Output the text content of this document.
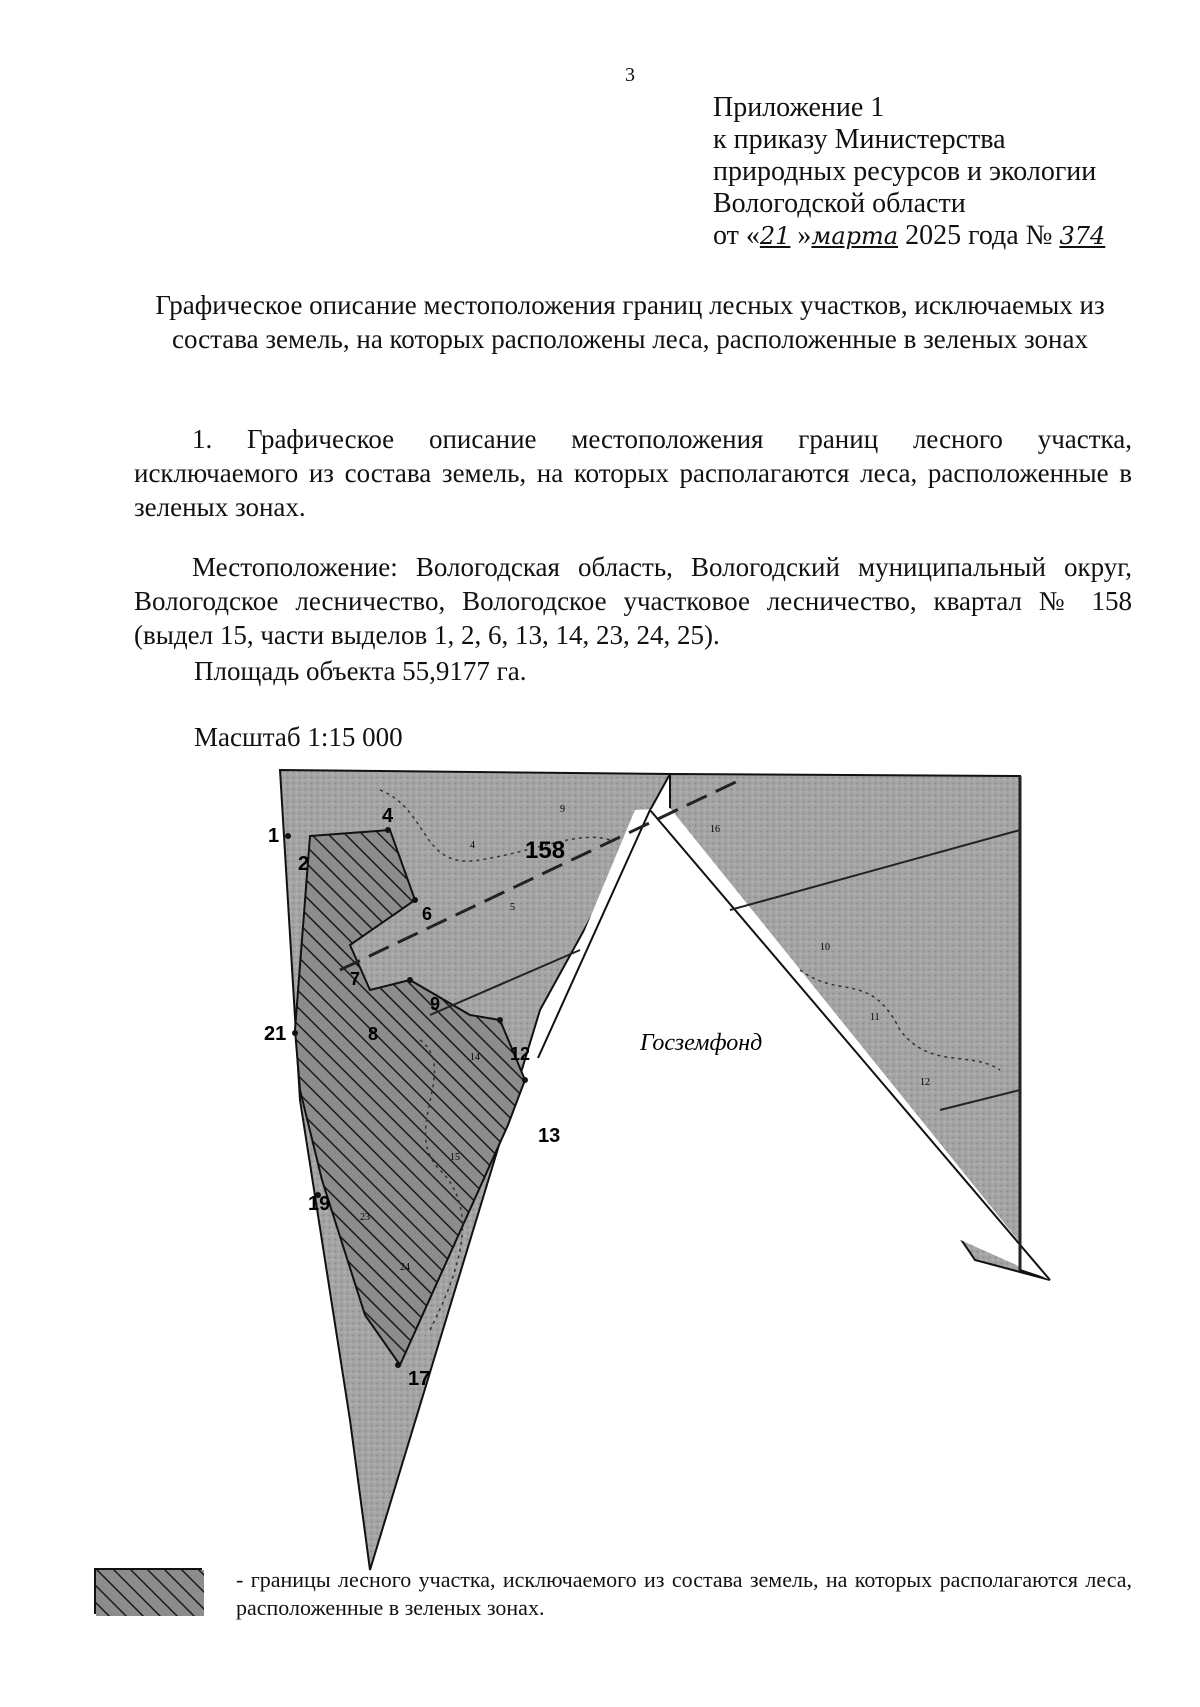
3
Приложение 1
к приказу Министерства
природных ресурсов и экологии
Вологодской области
от «21 »марта 2025 года № 374
Графическое описание местоположения границ лесных участков, исключаемых из состава земель, на которых расположены леса, расположенные в зеленых зонах
1. Графическое описание местоположения границ лесного участка, исключаемого из состава земель, на которых располагаются леса, расположенные в зеленых зонах.
Местоположение: Вологодская область, Вологодский муниципальный округ, Вологодское лесничество, Вологодское участковое лесничество, квартал № 158 (выдел 15, части выделов 1, 2, 6, 13, 14, 23, 24, 25).
Площадь объекта 55,9177 га.
Масштаб 1:15 000
158
Госземфонд
9
4
5
16
10
11
12
14
15
23
24
1
2
4
6
7
8
9
12
13
21
19
17
- границы лесного участка, исключаемого из состава земель, на которых располагаются леса, расположенные в зеленых зонах.
